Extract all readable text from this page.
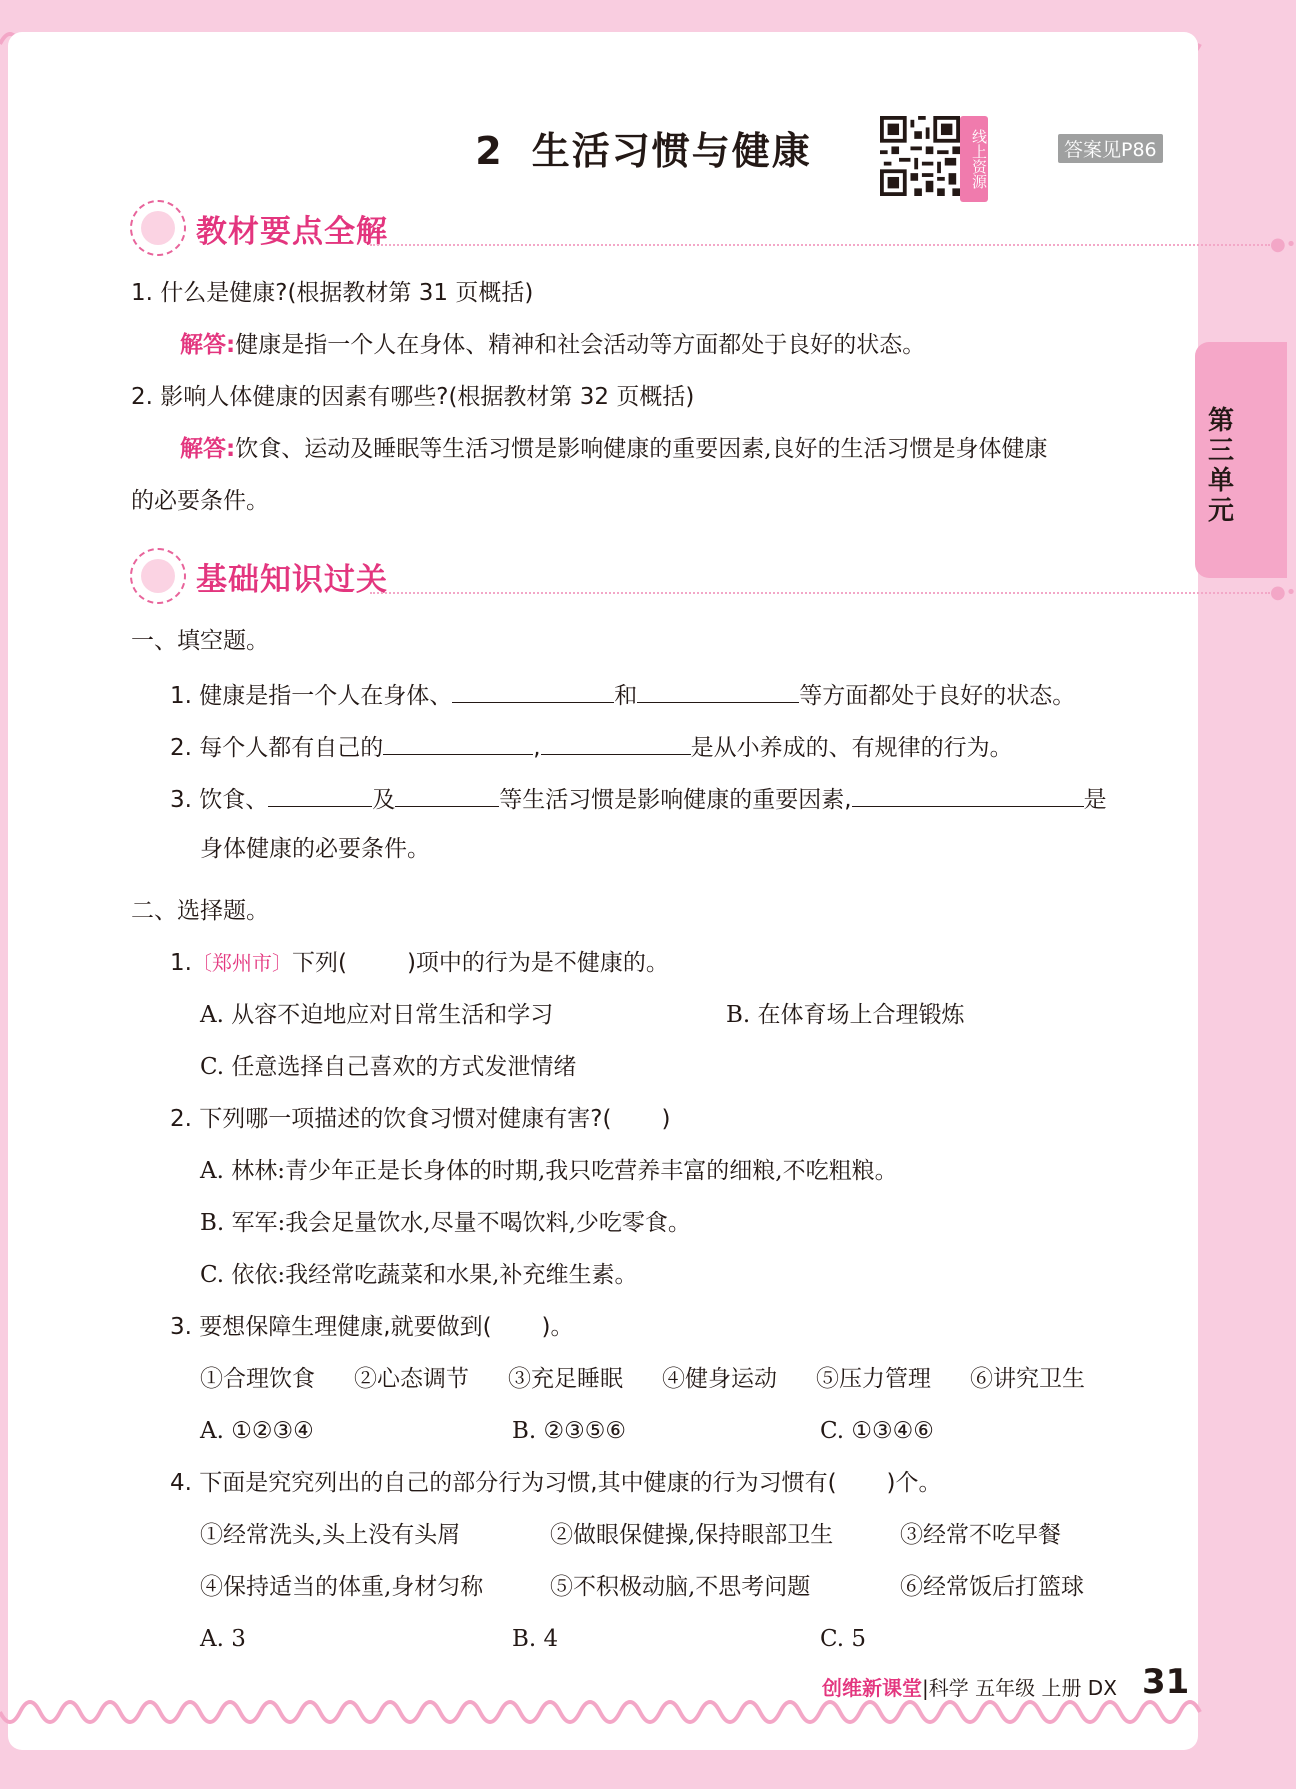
第三单元
2 生活习惯与健康	线上资源	答案见P86
教材要点全解	●•
1. 什么是健康?(根据教材第 31 页概括)
解答:健康是指一个人在身体、精神和社会活动等方面都处于良好的状态。
2. 影响人体健康的因素有哪些?(根据教材第 32 页概括)
解答:饮食、运动及睡眠等生活习惯是影响健康的重要因素,良好的生活习惯是身体健康
的必要条件。
基础知识过关	●•
一、填空题。
1. 健康是指一个人在身体、	和	等方面都处于良好的状态。
2. 每个人都有自己的	,	是从小养成的、有规律的行为。
3. 饮食、	及	等生活习惯是影响健康的重要因素,	是
身体健康的必要条件。
二、选择题。
1.〔郑州市〕下列(	)项中的行为是不健康的。
A. 从容不迫地应对日常生活和学习	B. 在体育场上合理锻炼
C. 任意选择自己喜欢的方式发泄情绪
2. 下列哪一项描述的饮食习惯对健康有害?( )
A. 林林:青少年正是长身体的时期,我只吃营养丰富的细粮,不吃粗粮。
B. 军军:我会足量饮水,尽量不喝饮料,少吃零食。
C. 依依:我经常吃蔬菜和水果,补充维生素。
3. 要想保障生理健康,就要做到( )。
①合理饮食 ②心态调节 ③充足睡眠 ④健身运动 ⑤压力管理 ⑥讲究卫生
A. ①②③④	B. ②③⑤⑥	C. ①③④⑥
4. 下面是究究列出的自己的部分行为习惯,其中健康的行为习惯有( )个。
①经常洗头,头上没有头屑	②做眼保健操,保持眼部卫生	③经常不吃早餐
④保持适当的体重,身材匀称	⑤不积极动脑,不思考问题	⑥经常饭后打篮球
A. 3	B. 4	C. 5
创维新课堂|科学 五年级 上册 DX 31
